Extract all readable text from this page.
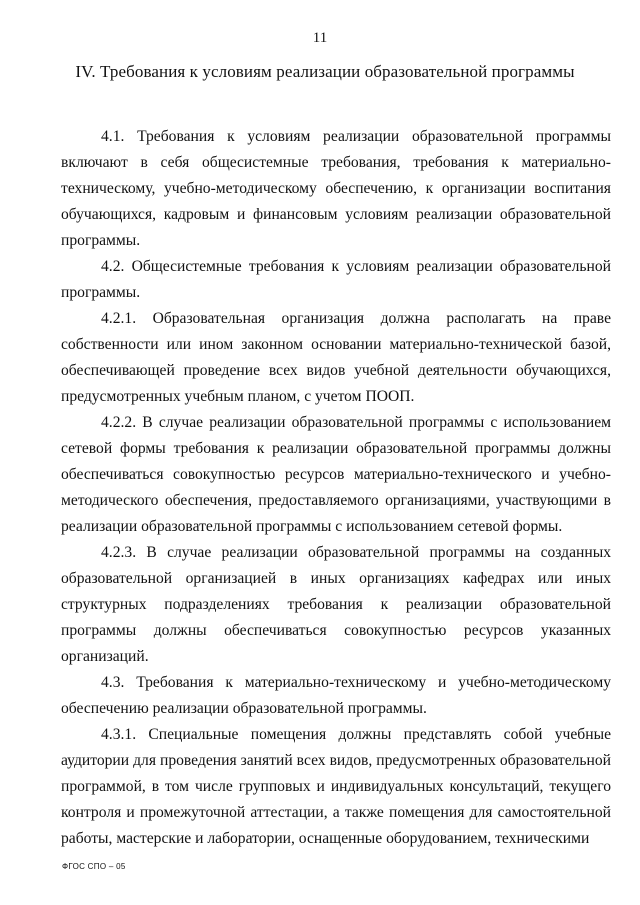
11
IV. Требования к условиям реализации образовательной программы

4.1. Требования к условиям реализации образовательной программы включают в себя общесистемные требования, требования к материально-техническому, учебно-методическому обеспечению, к организации воспитания обучающихся, кадровым и финансовым условиям реализации образовательной программы.

4.2. Общесистемные требования к условиям реализации образовательной программы.

4.2.1. Образовательная организация должна располагать на праве собственности или ином законном основании материально-технической базой, обеспечивающей проведение всех видов учебной деятельности обучающихся, предусмотренных учебным планом, с учетом ПООП.

4.2.2. В случае реализации образовательной программы с использованием сетевой формы требования к реализации образовательной программы должны обеспечиваться совокупностью ресурсов материально-технического и учебно-методического обеспечения, предоставляемого организациями, участвующими в реализации образовательной программы с использованием сетевой формы.

4.2.3. В случае реализации образовательной программы на созданных образовательной организацией в иных организациях кафедрах или иных структурных подразделениях требования к реализации образовательной программы должны обеспечиваться совокупностью ресурсов указанных организаций.

4.3. Требования к материально-техническому и учебно-методическому обеспечению реализации образовательной программы.

4.3.1. Специальные помещения должны представлять собой учебные аудитории для проведения занятий всех видов, предусмотренных образовательной программой, в том числе групповых и индивидуальных консультаций, текущего контроля и промежуточной аттестации, а также помещения для самостоятельной работы, мастерские и лаборатории, оснащенные оборудованием, техническими

ФГОС СПО – 05
